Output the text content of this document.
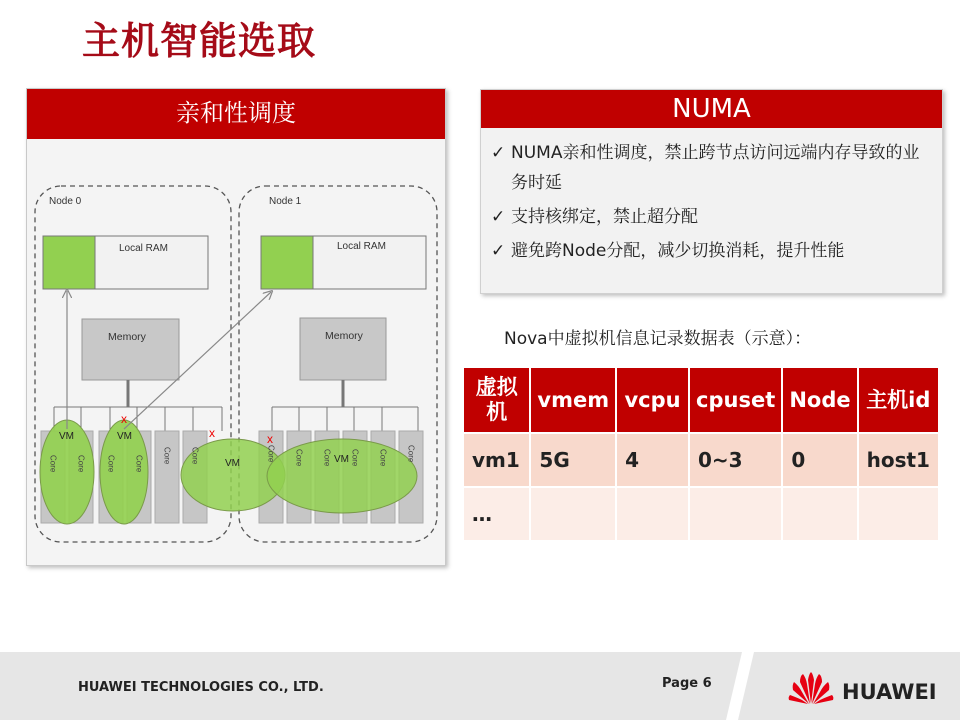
主机智能选取
亲和性调度
Node 0	Node 1
Local RAM	Local RAM
Memory	Memory
VM	VM
VM	VM
Core Core	Core Core Core Core	Core Core Core Core Core Core
x
x	x
NUMA
✓ NUMA亲和性调度，禁止跨节点访问远端内存导致的业务时延
✓ 支持核绑定，禁止超分配
✓ 避免跨Node分配，减少切换消耗，提升性能
Nova中虚拟机信息记录数据表（示意）：
虚拟机	vmem	vcpu	cpuset	Node	主机id
vm1	5G	4	0~3	0	host1
…					
HUAWEI TECHNOLOGIES CO., LTD.	Page 6	HUAWEI
